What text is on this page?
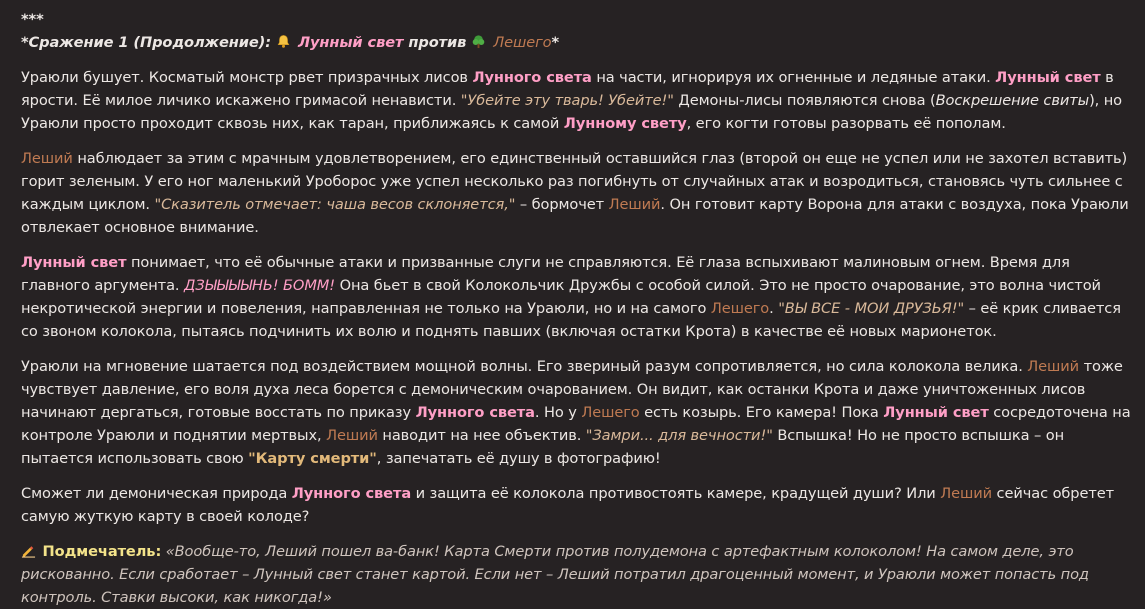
***

*Сражение 1 (Продолжение):  Лунный свет против  Лешего*

Ураюли бушует. Косматый монстр рвет призрачных лисов Лунного света на части, игнорируя их огненные и ледяные атаки. Лунный свет в ярости. Её милое личико искажено гримасой ненависти. "Убейте эту тварь! Убейте!" Демоны-лисы появляются снова (Воскрешение свиты), но Ураюли просто проходит сквозь них, как таран, приближаясь к самой Лунному свету, его когти готовы разорвать её пополам.

Леший наблюдает за этим с мрачным удовлетворением, его единственный оставшийся глаз (второй он еще не успел или не захотел вставить) горит зеленым. У его ног маленький Уроборос уже успел несколько раз погибнуть от случайных атак и возродиться, становясь чуть сильнее с каждым циклом. "Сказитель отмечает: чаша весов склоняется," – бормочет Леший. Он готовит карту Ворона для атаки с воздуха, пока Ураюли отвлекает основное внимание.

Лунный свет понимает, что её обычные атаки и призванные слуги не справляются. Её глаза вспыхивают малиновым огнем. Время для главного аргумента. ДЗЫЫЫЫНЬ! БОММ! Она бьет в свой Колокольчик Дружбы с особой силой. Это не просто очарование, это волна чистой некротической энергии и повеления, направленная не только на Ураюли, но и на самого Лешего. "ВЫ ВСЕ - МОИ ДРУЗЬЯ!" – её крик сливается со звоном колокола, пытаясь подчинить их волю и поднять павших (включая остатки Крота) в качестве её новых марионеток.

Ураюли на мгновение шатается под воздействием мощной волны. Его звериный разум сопротивляется, но сила колокола велика. Леший тоже чувствует давление, его воля духа леса борется с демоническим очарованием. Он видит, как останки Крота и даже уничтоженных лисов начинают дергаться, готовые восстать по приказу Лунного света. Но у Лешего есть козырь. Его камера! Пока Лунный свет сосредоточена на контроле Ураюли и поднятии мертвых, Леший наводит на нее объектив. "Замри... для вечности!" Вспышка! Но не просто вспышка – он пытается использовать свою "Карту смерти", запечатать её душу в фотографию!

Сможет ли демоническая природа Лунного света и защита её колокола противостоять камере, крадущей души? Или Леший сейчас обретет самую жуткую карту в своей колоде?

Подмечатель: «Вообще-то, Леший пошел ва-банк! Карта Смерти против полудемона с артефактным колоколом! На самом деле, это рискованно. Если сработает – Лунный свет станет картой. Если нет – Леший потратил драгоценный момент, и Ураюли может попасть под контроль. Ставки высоки, как никогда!»
